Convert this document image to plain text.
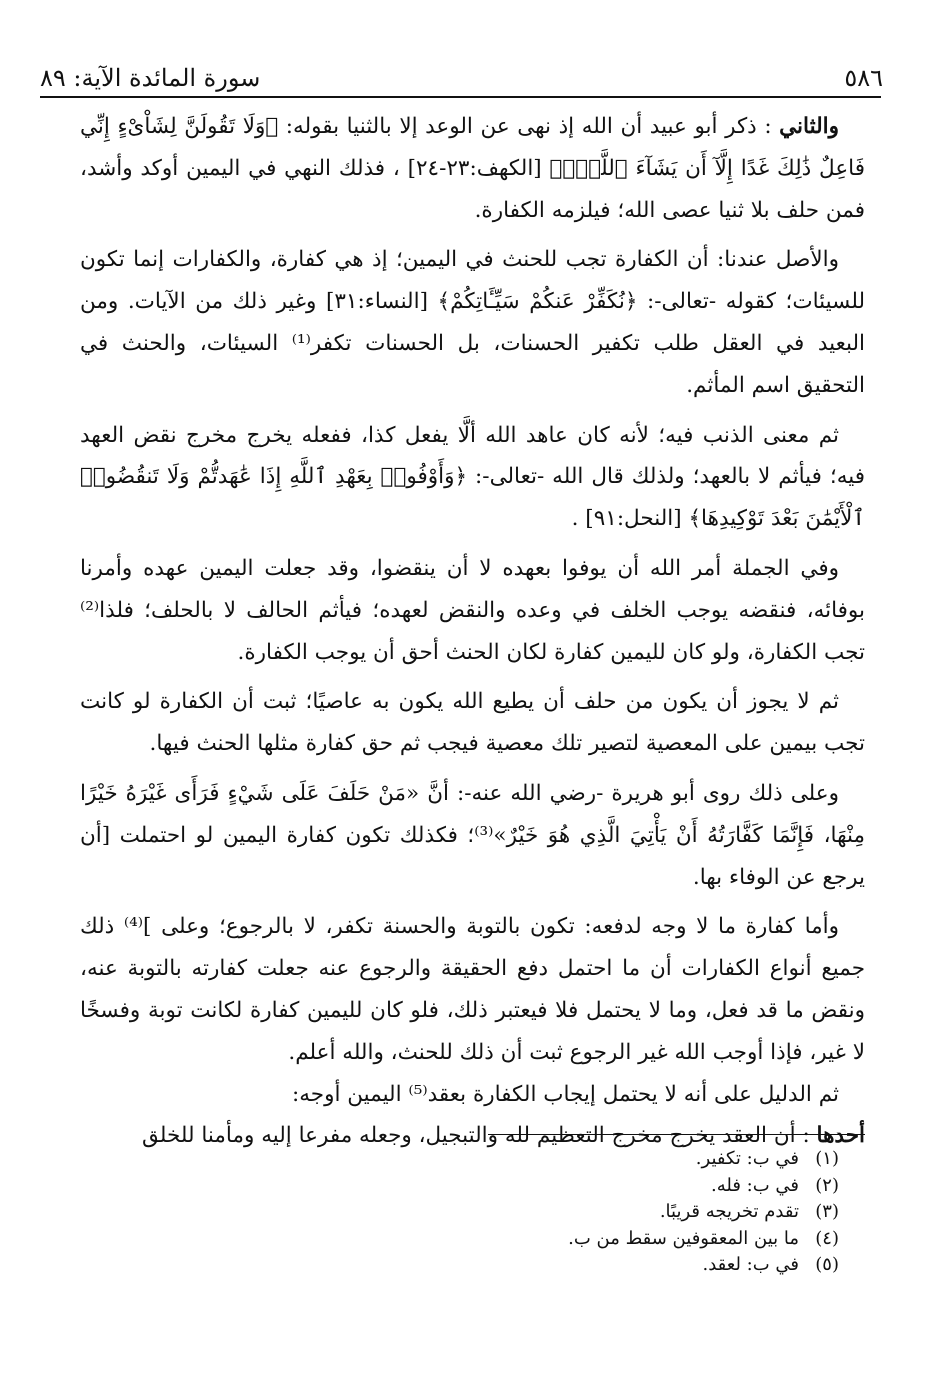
٥٨٦
سورة المائدة الآية: ٨٩

والثاني : ذكر أبو عبيد أن الله إذ نهى عن الوعد إلا بالثنيا بقوله: ﴿وَلَا تَقُولَنَّ لِشَاْىْءٍ إِنِّي فَاعِلٌ ذَٰلِكَ غَدًا إِلَّآ أَن يَشَآءَ ٱللَّهُۚ﴾ [الكهف:٢٣-٢٤] ، فذلك النهي في اليمين أوكد وأشد، فمن حلف بلا ثنيا عصى الله؛ فيلزمه الكفارة.

والأصل عندنا: أن الكفارة تجب للحنث في اليمين؛ إذ هي كفارة، والكفارات إنما تكون للسيئات؛ كقوله -تعالى-: ﴿نُكَفِّرْ عَنكُمْ سَيِّـَٔاتِكُمْ﴾ [النساء:٣١] وغير ذلك من الآيات. ومن البعيد في العقل طلب تكفير الحسنات، بل الحسنات تكفر⁽¹⁾ السيئات، والحنث في التحقيق اسم المأثم.

ثم معنى الذنب فيه؛ لأنه كان عاهد الله ألَّا يفعل كذا، ففعله يخرج مخرج نقض العهد فيه؛ فيأثم لا بالعهد؛ ولذلك قال الله -تعالى-: ﴿وَأَوْفُوا۟ بِعَهْدِ ٱللَّهِ إِذَا عَٰهَدتُّمْ وَلَا تَنقُضُوا۟ ٱلْأَيْمَٰنَ بَعْدَ تَوْكِيدِهَا﴾ [النحل:٩١] .

وفي الجملة أمر الله أن يوفوا بعهده لا أن ينقضوا، وقد جعلت اليمين عهده وأمرنا بوفائه، فنقضه يوجب الخلف في وعده والنقض لعهده؛ فيأثم الحالف لا بالحلف؛ فلذا⁽²⁾ تجب الكفارة، ولو كان لليمين كفارة لكان الحنث أحق أن يوجب الكفارة.

ثم لا يجوز أن يكون من حلف أن يطيع الله يكون به عاصيًا؛ ثبت أن الكفارة لو كانت تجب بيمين على المعصية لتصير تلك معصية فيجب ثم حق كفارة مثلها الحنث فيها.

وعلى ذلك روى أبو هريرة -رضي الله عنه-: أنَّ «مَنْ حَلَفَ عَلَى شَيْءٍ فَرَأَى غَيْرَهُ خَيْرًا مِنْهَا، فَإِنَّمَا كَفَّارَتُهُ أَنْ يَأْتِيَ الَّذِي هُوَ خَيْرٌ»⁽³⁾؛ فكذلك تكون كفارة اليمين لو احتملت [أن يرجع عن الوفاء بها.

وأما كفارة ما لا وجه لدفعه: تكون بالتوبة والحسنة تكفر، لا بالرجوع؛ وعلى ]⁽⁴⁾ ذلك جميع أنواع الكفارات أن ما احتمل دفع الحقيقة والرجوع عنه جعلت كفارته بالتوبة عنه، ونقض ما قد فعل، وما لا يحتمل فلا فيعتبر ذلك، فلو كان لليمين كفارة لكانت توبة وفسخًا لا غير، فإذا أوجب الله غير الرجوع ثبت أن ذلك للحنث، والله أعلم.

ثم الدليل على أنه لا يحتمل إيجاب الكفارة بعقد⁽⁵⁾ اليمين أوجه:

أحدها : أن العقد يخرج مخرج التعظيم لله والتبجيل، وجعله مفرعا إليه ومأمنا للخلق

(١)
في ب: تكفير.
(٢)
في ب: فله.
(٣)
تقدم تخريجه قريبًا.
(٤)
ما بين المعقوفين سقط من ب.
(٥)
في ب: لعقد.
